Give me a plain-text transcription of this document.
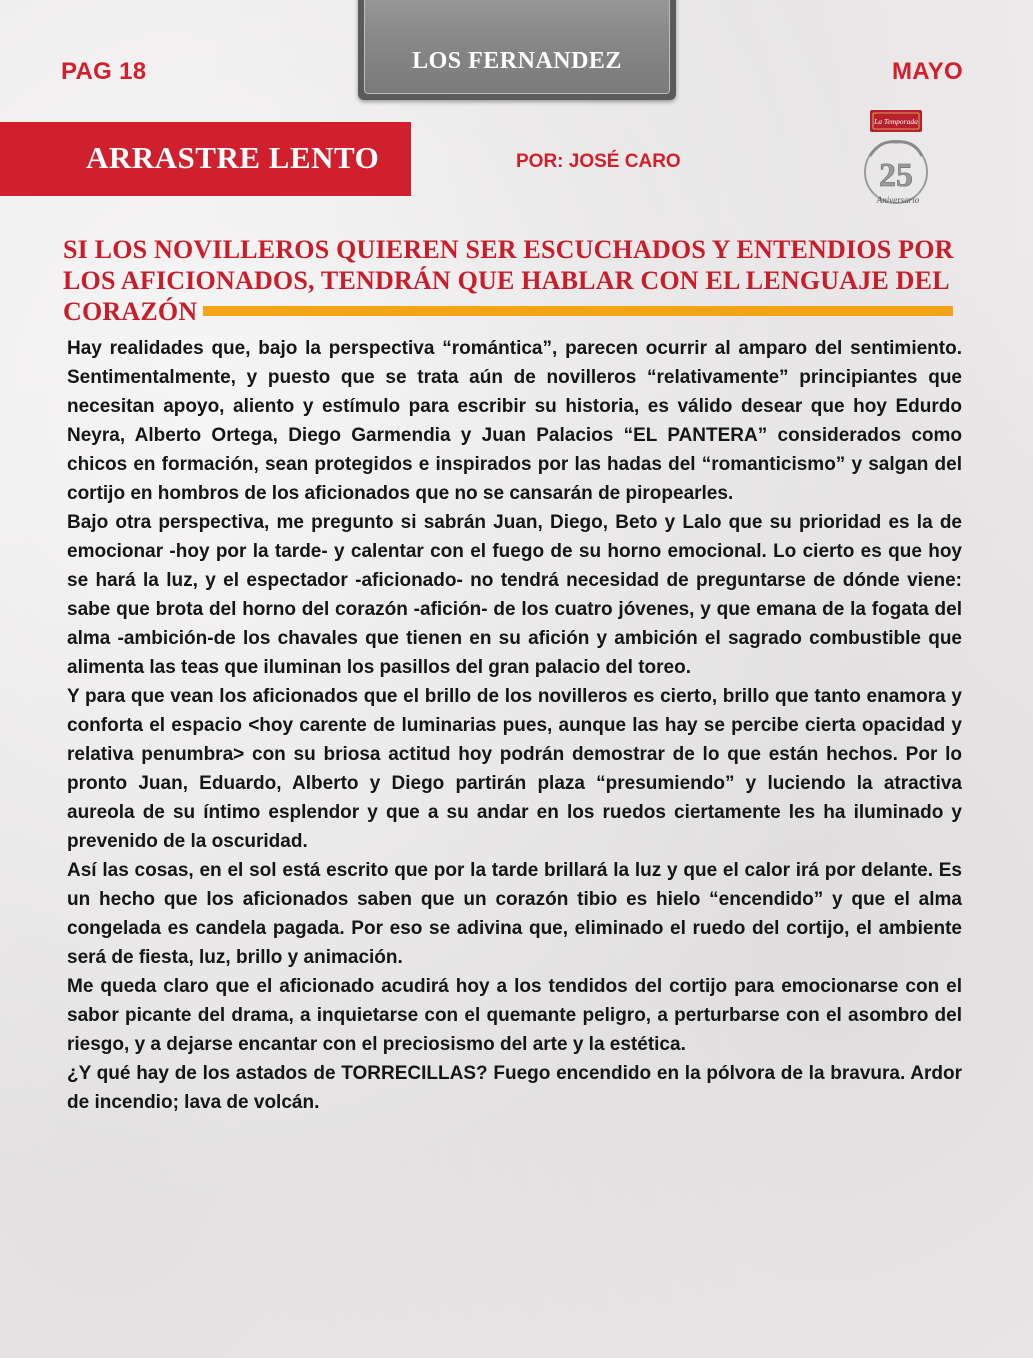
PAG 18	LOS FERNANDEZ	MAYO
ARRASTRE LENTO	POR: JOSÉ CARO
La Temporada
25
Aniversario
SI LOS NOVILLEROS QUIEREN SER ESCUCHADOS Y ENTENDIOS POR LOS AFICIONADOS, TENDRÁN QUE HABLAR CON EL LENGUAJE DEL CORAZÓN

Hay realidades que, bajo la perspectiva “romántica”, parecen ocurrir al amparo del sentimiento. Sentimentalmente, y puesto que se trata aún de novilleros “relativamente” principiantes que necesitan apoyo, aliento y estímulo para escribir su historia, es válido desear que hoy Edurdo Neyra, Alberto Ortega, Diego Garmendia y Juan Palacios “EL PANTERA” considerados como chicos en formación, sean protegidos e inspirados por las hadas del “romanticismo” y salgan del cortijo en hombros de los aficionados que no se cansarán de piropearles.

Bajo otra perspectiva, me pregunto si sabrán Juan, Diego, Beto y Lalo que su prioridad es la de emocionar -hoy por la tarde- y calentar con el fuego de su horno emocional. Lo cierto es que hoy se hará la luz, y el espectador -aficionado- no tendrá necesidad de preguntarse de dónde viene: sabe que brota del horno del corazón -afición- de los cuatro jóvenes, y que emana de la fogata del alma -ambición-de los chavales que tienen en su afición y ambición el sagrado combustible que alimenta las teas que iluminan los pasillos del gran palacio del toreo.

Y para que vean los aficionados que el brillo de los novilleros es cierto, brillo que tanto enamora y conforta el espacio <hoy carente de luminarias pues, aunque las hay se percibe cierta opacidad y relativa penumbra> con su briosa actitud hoy podrán demostrar de lo que están hechos. Por lo pronto Juan, Eduardo, Alberto y Diego partirán plaza “presumiendo” y luciendo la atractiva aureola de su íntimo esplendor y que a su andar en los ruedos ciertamente les ha iluminado y prevenido de la oscuridad.

Así las cosas, en el sol está escrito que por la tarde brillará la luz y que el calor irá por delante. Es un hecho que los aficionados saben que un corazón tibio es hielo “encendido” y que el alma congelada es candela pagada. Por eso se adivina que, eliminado el ruedo del cortijo, el ambiente será de fiesta, luz, brillo y animación.

Me queda claro que el aficionado acudirá hoy a los tendidos del cortijo para emocionarse con el sabor picante del drama, a inquietarse con el quemante peligro, a perturbarse con el asombro del riesgo, y a dejarse encantar con el preciosismo del arte y la estética.

¿Y qué hay de los astados de TORRECILLAS? Fuego encendido en la pólvora de la bravura. Ardor de incendio; lava de volcán.
